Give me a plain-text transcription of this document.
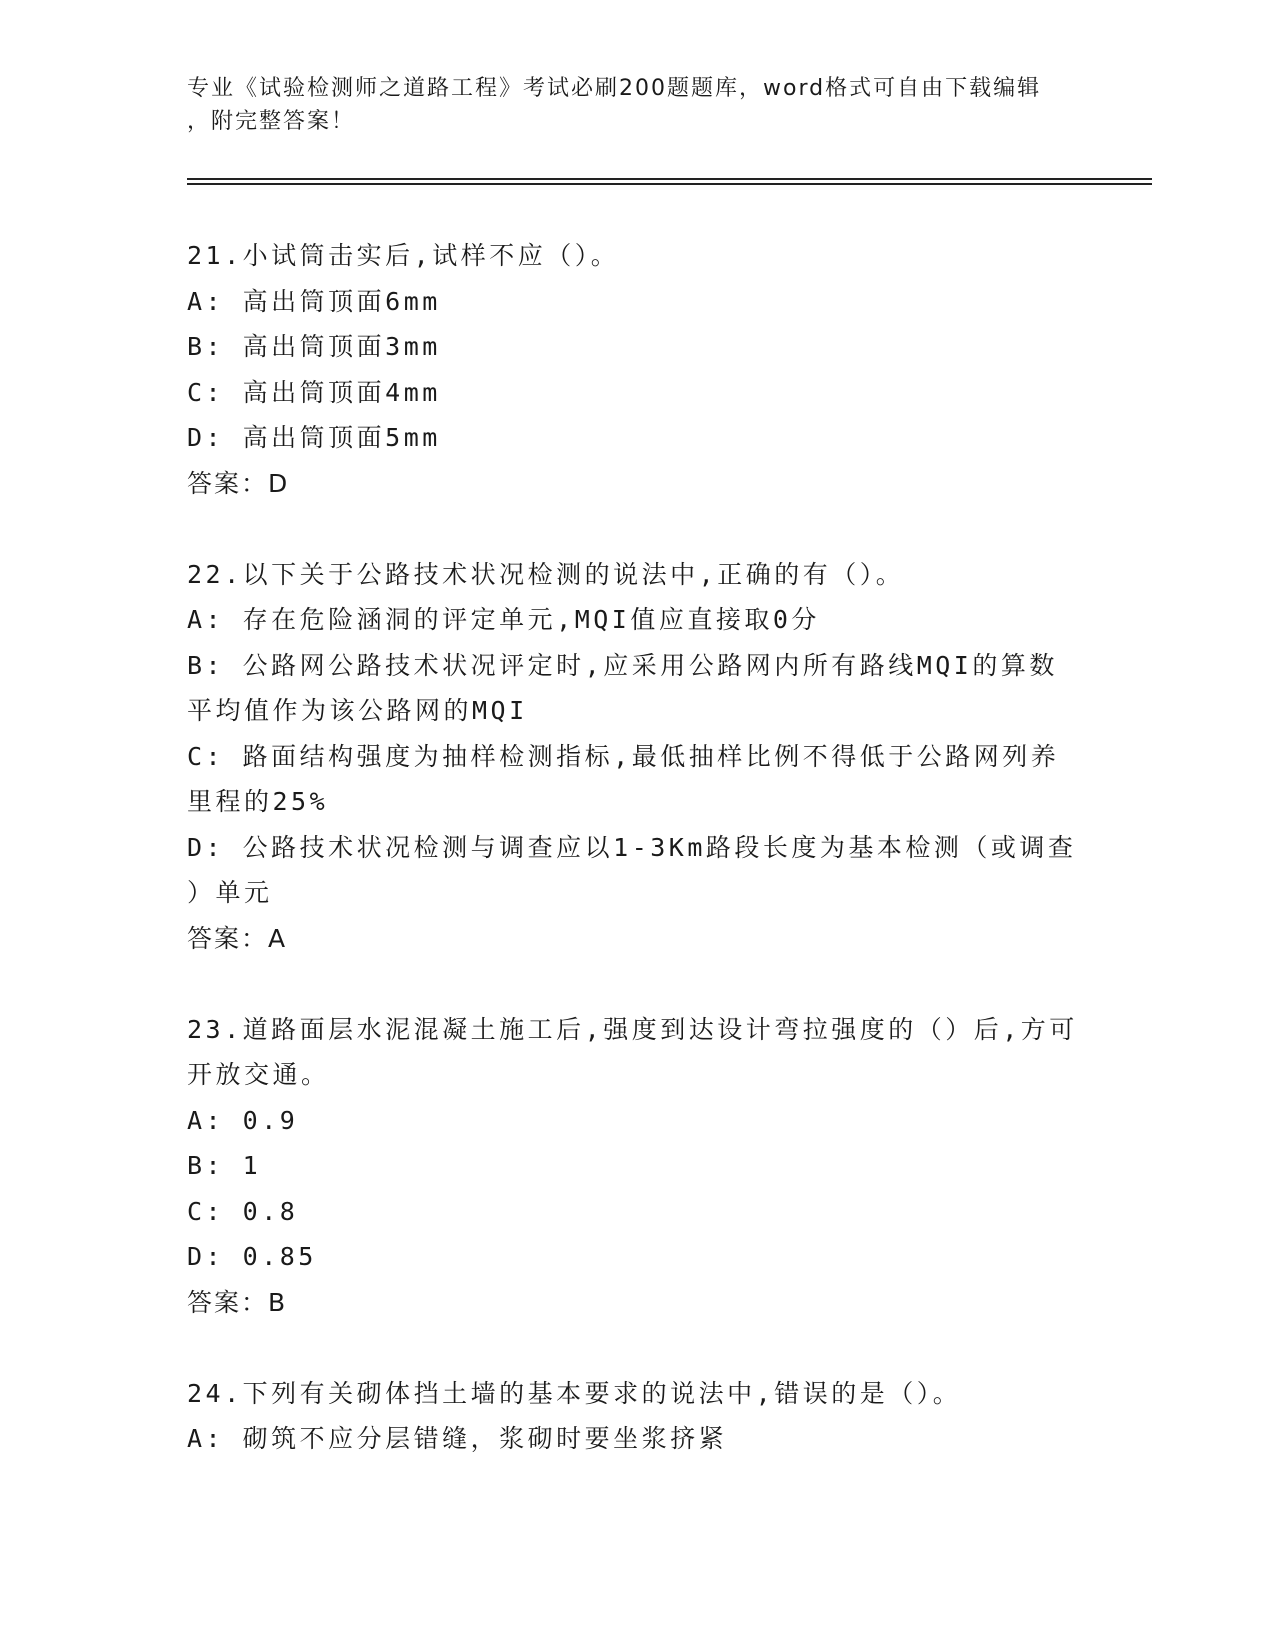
专业《试验检测师之道路工程》考试必刷200题题库，word格式可自由下载编辑
，附完整答案！
21.小试筒击实后,试样不应（）。
A: 高出筒顶面6mm
B: 高出筒顶面3mm
C: 高出筒顶面4mm
D: 高出筒顶面5mm
答案：D
22.以下关于公路技术状况检测的说法中,正确的有（）。
A: 存在危险涵洞的评定单元,MQI值应直接取0分
B: 公路网公路技术状况评定时,应采用公路网内所有路线MQI的算数
平均值作为该公路网的MQI
C: 路面结构强度为抽样检测指标,最低抽样比例不得低于公路网列养
里程的25%
D: 公路技术状况检测与调查应以1-3Km路段长度为基本检测（或调查
）单元
答案：A
23.道路面层水泥混凝土施工后,强度到达设计弯拉强度的（）后,方可
开放交通。
A: 0.9
B: 1
C: 0.8
D: 0.85
答案：B
24.下列有关砌体挡土墙的基本要求的说法中,错误的是（）。
A: 砌筑不应分层错缝，浆砌时要坐浆挤紧
